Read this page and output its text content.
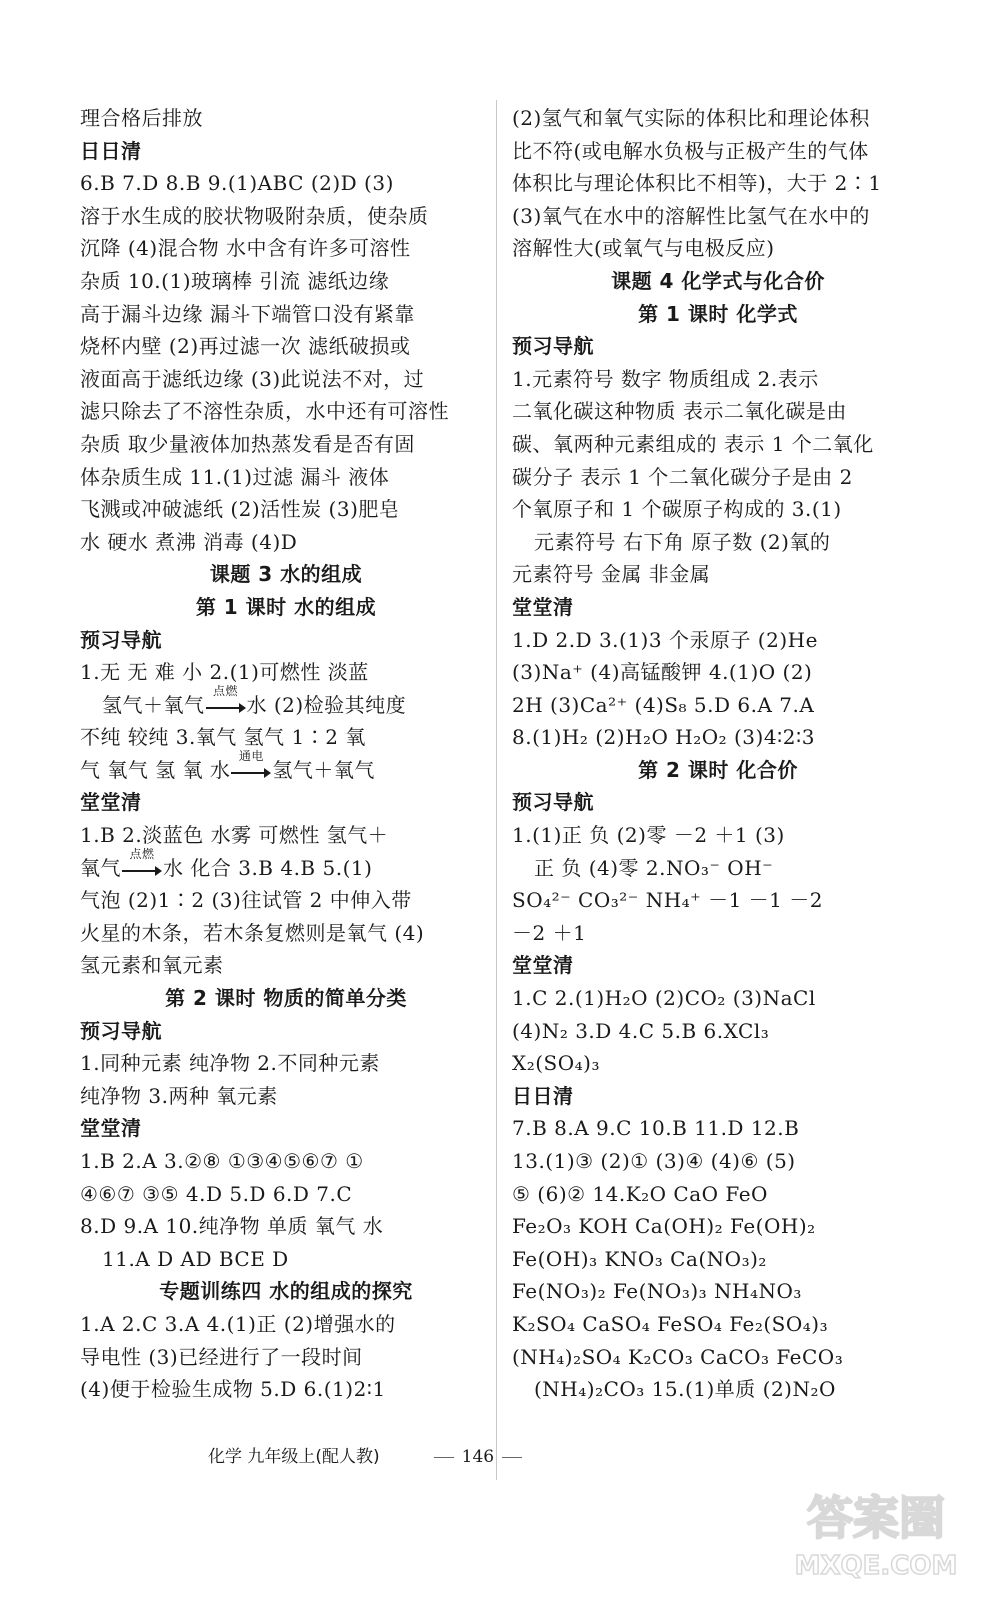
理合格后排放
日日清
6.B 7.D 8.B 9.(1)ABC (2)D (3)
溶于水生成的胶状物吸附杂质，使杂质
沉降 (4)混合物 水中含有许多可溶性
杂质 10.(1)玻璃棒 引流 滤纸边缘
高于漏斗边缘 漏斗下端管口没有紧靠
烧杯内壁 (2)再过滤一次 滤纸破损或
液面高于滤纸边缘 (3)此说法不对，过
滤只除去了不溶性杂质，水中还有可溶性
杂质 取少量液体加热蒸发看是否有固
体杂质生成 11.(1)过滤 漏斗 液体
飞溅或冲破滤纸 (2)活性炭 (3)肥皂
水 硬水 煮沸 消毒 (4)D
课题 3 水的组成
第 1 课时 水的组成
预习导航
1.无 无 难 小 2.(1)可燃性 淡蓝
氢气＋氧气
点燃
水 (2)检验其纯度
不纯 较纯 3.氧气 氢气 1∶2 氧
气 氧气 氢 氧 水
通电
氢气＋氧气
堂堂清
1.B 2.淡蓝色 水雾 可燃性 氢气＋
氧气
点燃
水 化合 3.B 4.B 5.(1)
气泡 (2)1∶2 (3)往试管 2 中伸入带
火星的木条，若木条复燃则是氧气 (4)
氢元素和氧元素
第 2 课时 物质的简单分类
预习导航
1.同种元素 纯净物 2.不同种元素
纯净物 3.两种 氧元素
堂堂清
1.B 2.A 3.②⑧ ①③④⑤⑥⑦ ①
④⑥⑦ ③⑤ 4.D 5.D 6.D 7.C
8.D 9.A 10.纯净物 单质 氧气 水
11.A D AD BCE D
专题训练四 水的组成的探究
1.A 2.C 3.A 4.(1)正 (2)增强水的
导电性 (3)已经进行了一段时间
(4)便于检验生成物 5.D 6.(1)2∶1
(2)氢气和氧气实际的体积比和理论体积
比不符(或电解水负极与正极产生的气体
体积比与理论体积比不相等)，大于 2∶1
(3)氧气在水中的溶解性比氢气在水中的
溶解性大(或氧气与电极反应)
课题 4 化学式与化合价
第 1 课时 化学式
预习导航
1.元素符号 数字 物质组成 2.表示
二氧化碳这种物质 表示二氧化碳是由
碳、氧两种元素组成的 表示 1 个二氧化
碳分子 表示 1 个二氧化碳分子是由 2
个氧原子和 1 个碳原子构成的 3.(1)
元素符号 右下角 原子数 (2)氧的
元素符号 金属 非金属
堂堂清
1.D 2.D 3.(1)3 个汞原子 (2)He
(3)Na⁺ (4)高锰酸钾 4.(1)O (2)
2H (3)Ca²⁺ (4)S₈ 5.D 6.A 7.A
8.(1)H₂ (2)H₂O H₂O₂ (3)4∶2∶3
第 2 课时 化合价
预习导航
1.(1)正 负 (2)零 －2 ＋1 (3)
正 负 (4)零 2.NO₃⁻ OH⁻
SO₄²⁻ CO₃²⁻ NH₄⁺ －1 －1 －2
－2 ＋1
堂堂清
1.C 2.(1)H₂O (2)CO₂ (3)NaCl
(4)N₂ 3.D 4.C 5.B 6.XCl₃
X₂(SO₄)₃
日日清
7.B 8.A 9.C 10.B 11.D 12.B
13.(1)③ (2)① (3)④ (4)⑥ (5)
⑤ (6)② 14.K₂O CaO FeO
Fe₂O₃ KOH Ca(OH)₂ Fe(OH)₂
Fe(OH)₃ KNO₃ Ca(NO₃)₂
Fe(NO₃)₂ Fe(NO₃)₃ NH₄NO₃
K₂SO₄ CaSO₄ FeSO₄ Fe₂(SO₄)₃
(NH₄)₂SO₄ K₂CO₃ CaCO₃ FeCO₃
(NH₄)₂CO₃ 15.(1)单质 (2)N₂O
化学 九年级上(配人教)	146
答案圈
MXQE.COM
